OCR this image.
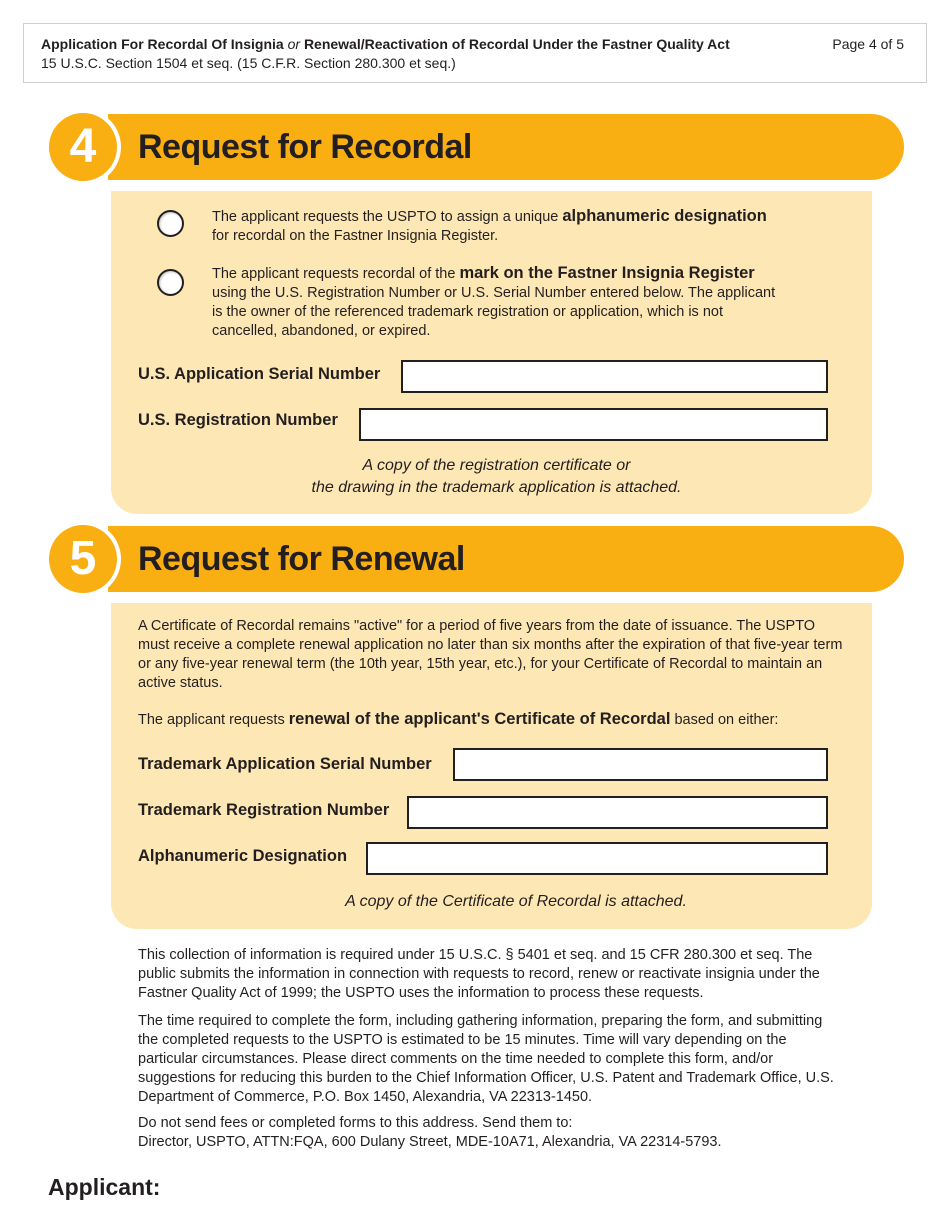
Application For Recordal Of Insignia or Renewal/Reactivation of Recordal Under the Fastner Quality Act
15 U.S.C. Section 1504 et seq. (15 C.F.R. Section 280.300 et seq.)
Page 4 of 5
Request for Recordal
4
The applicant requests the USPTO to assign a unique alphanumeric designation
for recordal on the Fastner Insignia Register.
The applicant requests recordal of the mark on the Fastner Insignia Register
using the U.S. Registration Number or U.S. Serial Number entered below. The applicant is the owner of the referenced trademark registration or application, which is not cancelled, abandoned, or expired.
U.S. Application Serial Number
U.S. Registration Number
A copy of the registration certificate or
the drawing in the trademark application is attached.
Request for Renewal
5
A Certificate of Recordal remains "active" for a period of five years from the date of issuance. The USPTO must receive a complete renewal application no later than six months after the expiration of that five-year term or any five-year renewal term (the 10th year, 15th year, etc.), for your Certificate of Recordal to maintain an active status.
The applicant requests renewal of the applicant's Certificate of Recordal based on either:
Trademark Application Serial Number
Trademark Registration Number
Alphanumeric Designation
A copy of the Certificate of Recordal is attached.
This collection of information is required under 15 U.S.C. § 5401 et seq. and 15 CFR 280.300 et seq. The public submits the information in connection with requests to record, renew or reactivate insignia under the Fastner Quality Act of 1999; the USPTO uses the information to process these requests.
The time required to complete the form, including gathering information, preparing the form, and submitting the completed requests to the USPTO is estimated to be 15 minutes. Time will vary depending on the particular circumstances. Please direct comments on the time needed to complete this form, and/or suggestions for reducing this burden to the Chief Information Officer, U.S. Patent and Trademark Office, U.S. Department of Commerce, P.O. Box 1450, Alexandria, VA 22313-1450.
Do not send fees or completed forms to this address. Send them to:
Director, USPTO, ATTN:FQA, 600 Dulany Street, MDE-10A71, Alexandria, VA 22314-5793.
Applicant:
